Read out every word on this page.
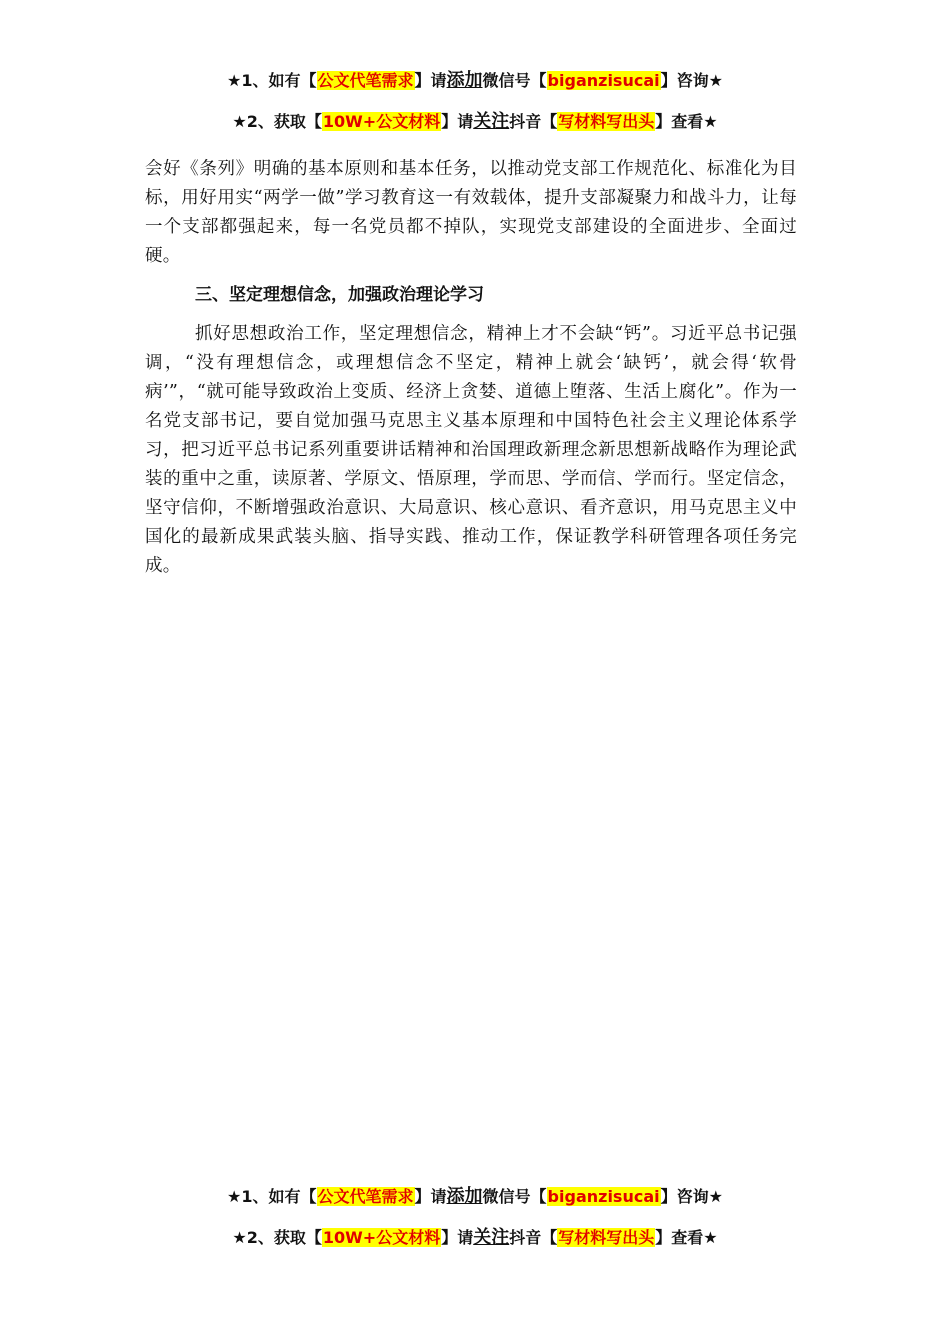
★1、如有【公文代笔需求】请添加微信号【biganzisucai】咨询★
★2、获取【10W+公文材料】请关注抖音【写材料写出头】查看★

会好《条列》明确的基本原则和基本任务，以推动党支部工作规范化、标准化为目标，用好用实“两学一做”学习教育这一有效载体，提升支部凝聚力和战斗力，让每一个支部都强起来，每一名党员都不掉队，实现党支部建设的全面进步、全面过硬。

三、坚定理想信念，加强政治理论学习

抓好思想政治工作，坚定理想信念，精神上才不会缺“钙”。习近平总书记强调，“没有理想信念，或理想信念不坚定，精神上就会‘缺钙’，就会得‘软骨病’”，“就可能导致政治上变质、经济上贪婪、道德上堕落、生活上腐化”。作为一名党支部书记，要自觉加强马克思主义基本原理和中国特色社会主义理论体系学习，把习近平总书记系列重要讲话精神和治国理政新理念新思想新战略作为理论武装的重中之重，读原著、学原文、悟原理，学而思、学而信、学而行。坚定信念，坚守信仰，不断增强政治意识、大局意识、核心意识、看齐意识，用马克思主义中国化的最新成果武装头脑、指导实践、推动工作，保证教学科研管理各项任务完成。

★1、如有【公文代笔需求】请添加微信号【biganzisucai】咨询★
★2、获取【10W+公文材料】请关注抖音【写材料写出头】查看★
